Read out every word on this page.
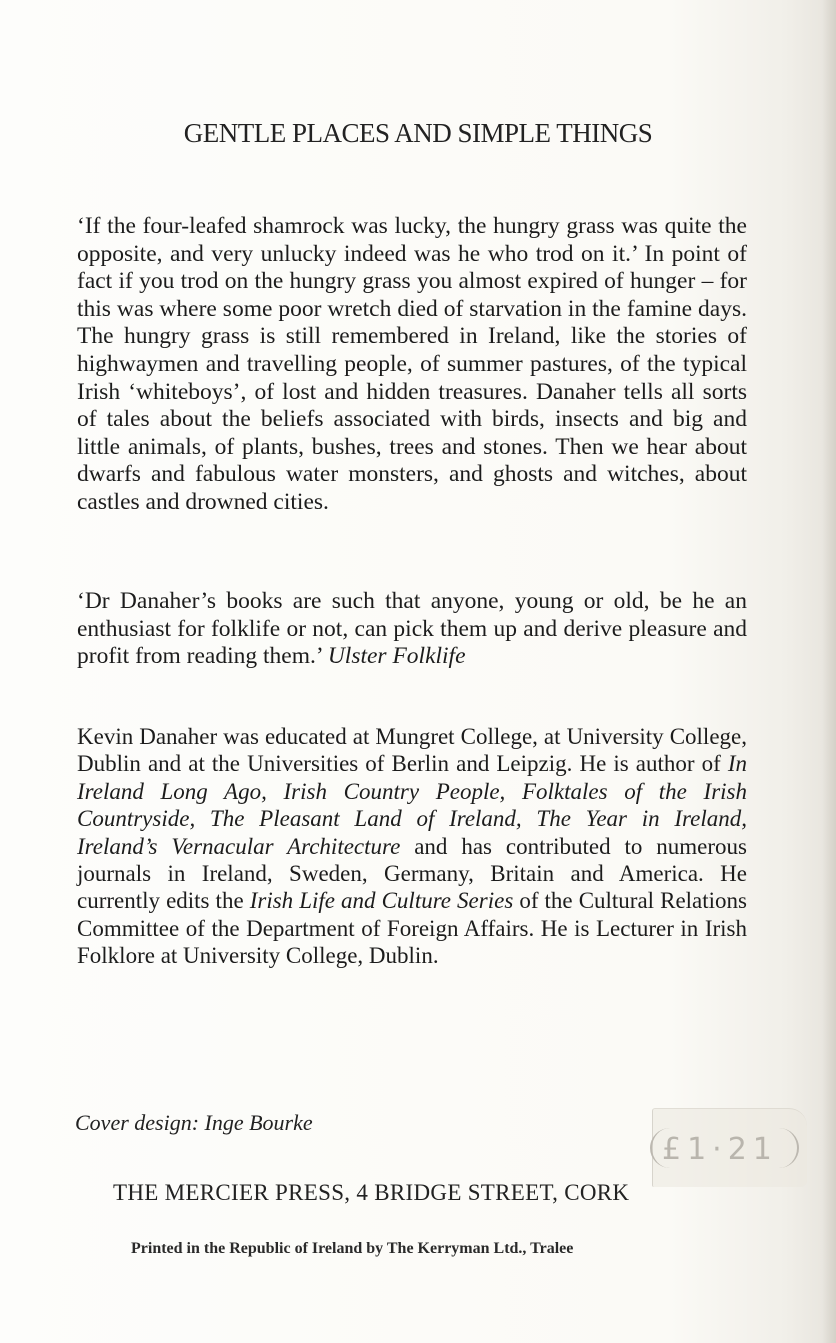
GENTLE PLACES AND SIMPLE THINGS

‘If the four-leafed shamrock was lucky, the hungry grass was quite the opposite, and very unlucky indeed was he who trod on it.’ In point of fact if you trod on the hungry grass you almost expired of hunger – for this was where some poor wretch died of starvation in the famine days. The hungry grass is still remembered in Ireland, like the stories of highwaymen and travelling people, of summer pastures, of the typical Irish ‘whiteboys’, of lost and hidden treasures. Danaher tells all sorts of tales about the beliefs associated with birds, insects and big and little animals, of plants, bushes, trees and stones. Then we hear about dwarfs and fabulous water monsters, and ghosts and witches, about castles and drowned cities.

‘Dr Danaher’s books are such that anyone, young or old, be he an enthusiast for folklife or not, can pick them up and derive pleasure and profit from reading them.’ Ulster Folklife

Kevin Danaher was educated at Mungret College, at University College, Dublin and at the Universities of Berlin and Leipzig. He is author of In Ireland Long Ago, Irish Country People, Folktales of the Irish Countryside, The Pleasant Land of Ireland, The Year in Ireland, Ireland’s Vernacular Architecture and has contributed to numerous journals in Ireland, Sweden, Germany, Britain and America. He currently edits the Irish Life and Culture Series of the Cultural Relations Committee of the Department of Foreign Affairs. He is Lecturer in Irish Folklore at University College, Dublin.

Cover design: Inge Bourke
£1·21
THE MERCIER PRESS, 4 BRIDGE STREET, CORK
Printed in the Republic of Ireland by The Kerryman Ltd., Tralee
